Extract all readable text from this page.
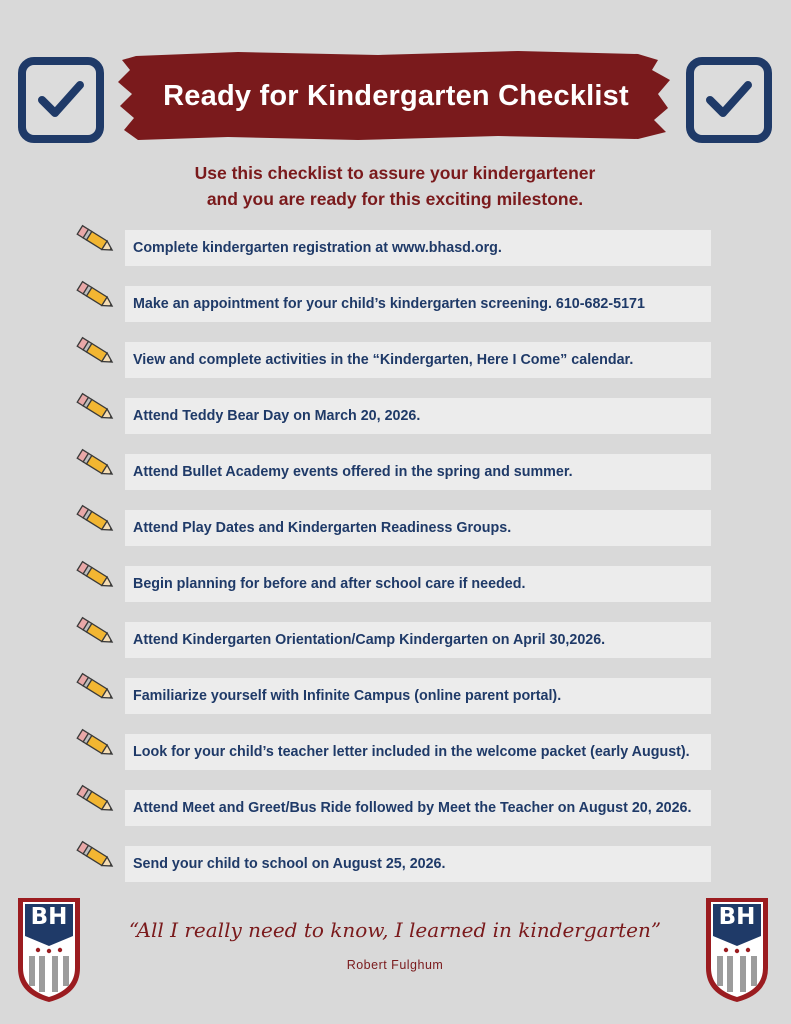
Ready for Kindergarten Checklist
Use this checklist to assure your kindergartener
and you are ready for this exciting milestone.
Complete kindergarten registration at www.bhasd.org.
Make an appointment for your child’s kindergarten screening. 610-682-5171
View and complete activities in the “Kindergarten, Here I Come” calendar.
Attend Teddy Bear Day on March 20, 2026.
Attend Bullet Academy events offered in the spring and summer.
Attend Play Dates and Kindergarten Readiness Groups.
Begin planning for before and after school care if needed.
Attend Kindergarten Orientation/Camp Kindergarten on April 30,2026.
Familiarize yourself with Infinite Campus (online parent portal).
Look for your child’s teacher letter included in the welcome packet (early August).
Attend Meet and Greet/Bus Ride followed by Meet the Teacher on August 20, 2026.
Send your child to school on August 25, 2026.
BH	BH
“All I really need to know, I learned in kindergarten”
Robert Fulghum
